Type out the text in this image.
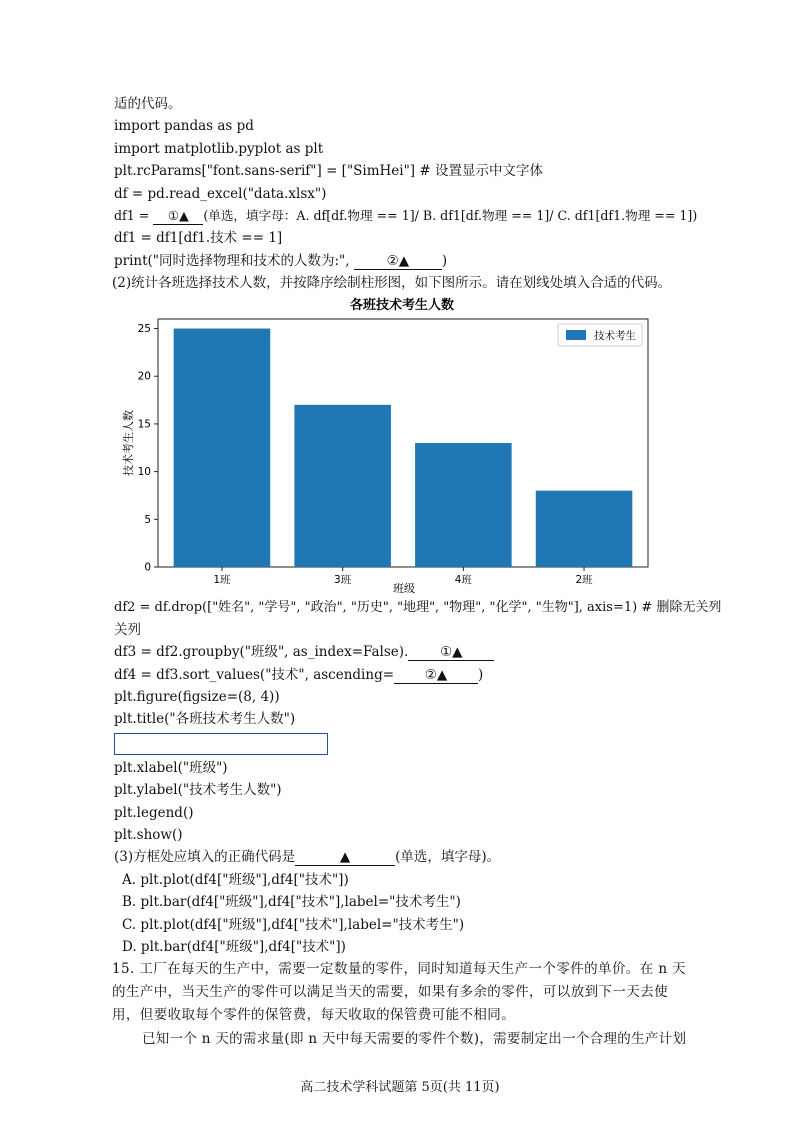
适的代码。
import pandas as pd
import matplotlib.pyplot as plt
plt.rcParams["font.sans-serif"] = ["SimHei"] # 设置显示中文字体
df = pd.read_excel("data.xlsx")
df1 = ①▲ (单选，填字母：A. df[df.物理 == 1]/ B. df1[df.物理 == 1]/ C. df1[df1.物理 == 1])
df1 = df1[df1.技术 == 1]
print("同时选择物理和技术的人数为:",	②▲ )
(2)统计各班选择技术人数，并按降序绘制柱形图，如下图所示。请在划线处填入合适的代码。
各班技术考生人数
0
5
10
15
20
25
1班	3班	4班	2班
班级
技术考生人数
技术考生
df2 = df.drop(["姓名", "学号", "政治", "历史", "地理", "物理", "化学", "生物"], axis=1) # 删除无关列
关列
df3 = df2.groupby("班级", as_index=False). ①▲
df4 = df3.sort_values("技术", ascending= ②▲ )
plt.figure(figsize=(8, 4))
plt.title("各班技术考生人数")
plt.xlabel("班级")
plt.ylabel("技术考生人数")
plt.legend()
plt.show()
(3)方框处应填入的正确代码是	▲	(单选，填字母)。
A. plt.plot(df4["班级"],df4["技术"])
B. plt.bar(df4["班级"],df4["技术"],label="技术考生")
C. plt.plot(df4["班级"],df4["技术"],label="技术考生")
D. plt.bar(df4["班级"],df4["技术"])
15. 工厂在每天的生产中，需要一定数量的零件，同时知道每天生产一个零件的单价。在 n 天的生产中，当天生产的零件可以满足当天的需要，如果有多余的零件，可以放到下一天去使用，但要收取每个零件的保管费，每天收取的保管费可能不相同。
已知一个 n 天的需求量(即 n 天中每天需要的零件个数)，需要制定出一个合理的生产计划
高二技术学科试题第 5页(共 11页)
